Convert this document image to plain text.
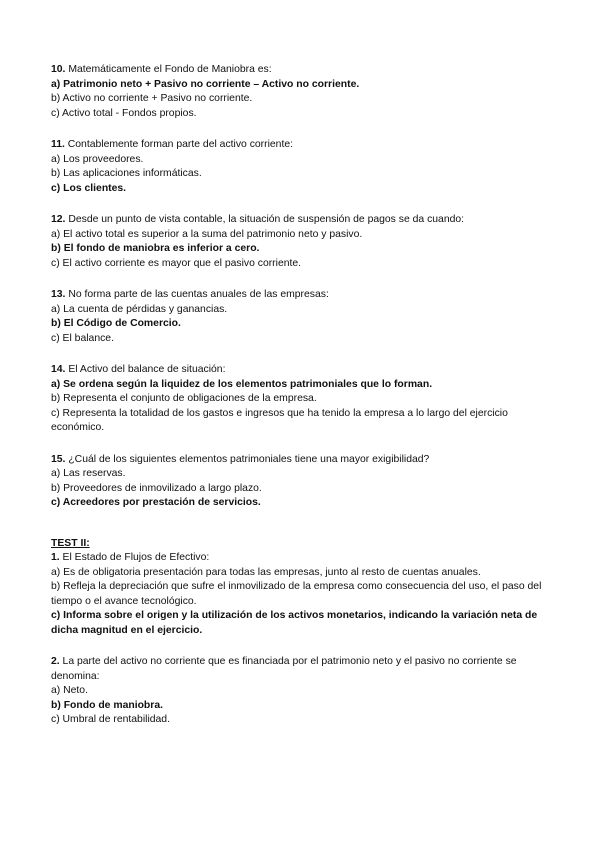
10. Matemáticamente el Fondo de Maniobra es:
a) Patrimonio neto + Pasivo no corriente – Activo no corriente.
b) Activo no corriente + Pasivo no corriente.
c) Activo total - Fondos propios.
11. Contablemente forman parte del activo corriente:
a) Los proveedores.
b) Las aplicaciones informáticas.
c) Los clientes.
12. Desde un punto de vista contable, la situación de suspensión de pagos se da cuando:
a) El activo total es superior a la suma del patrimonio neto y pasivo.
b) El fondo de maniobra es inferior a cero.
c) El activo corriente es mayor que el pasivo corriente.
13. No forma parte de las cuentas anuales de las empresas:
a) La cuenta de pérdidas y ganancias.
b) El Código de Comercio.
c) El balance.
14. El Activo del balance de situación:
a) Se ordena según la liquidez de los elementos patrimoniales que lo forman.
b) Representa el conjunto de obligaciones de la empresa.
c) Representa la totalidad de los gastos e ingresos que ha tenido la empresa a lo largo del ejercicio económico.
15. ¿Cuál de los siguientes elementos patrimoniales tiene una mayor exigibilidad?
a) Las reservas.
b) Proveedores de inmovilizado a largo plazo.
c) Acreedores por prestación de servicios.
TEST II:
1. El Estado de Flujos de Efectivo:
a) Es de obligatoria presentación para todas las empresas, junto al resto de cuentas anuales.
b) Refleja la depreciación que sufre el inmovilizado de la empresa como consecuencia del uso, el paso del tiempo o el avance tecnológico.
c) Informa sobre el origen y la utilización de los activos monetarios, indicando la variación neta de dicha magnitud en el ejercicio.
2. La parte del activo no corriente que es financiada por el patrimonio neto y el pasivo no corriente se denomina:
a) Neto.
b) Fondo de maniobra.
c) Umbral de rentabilidad.
